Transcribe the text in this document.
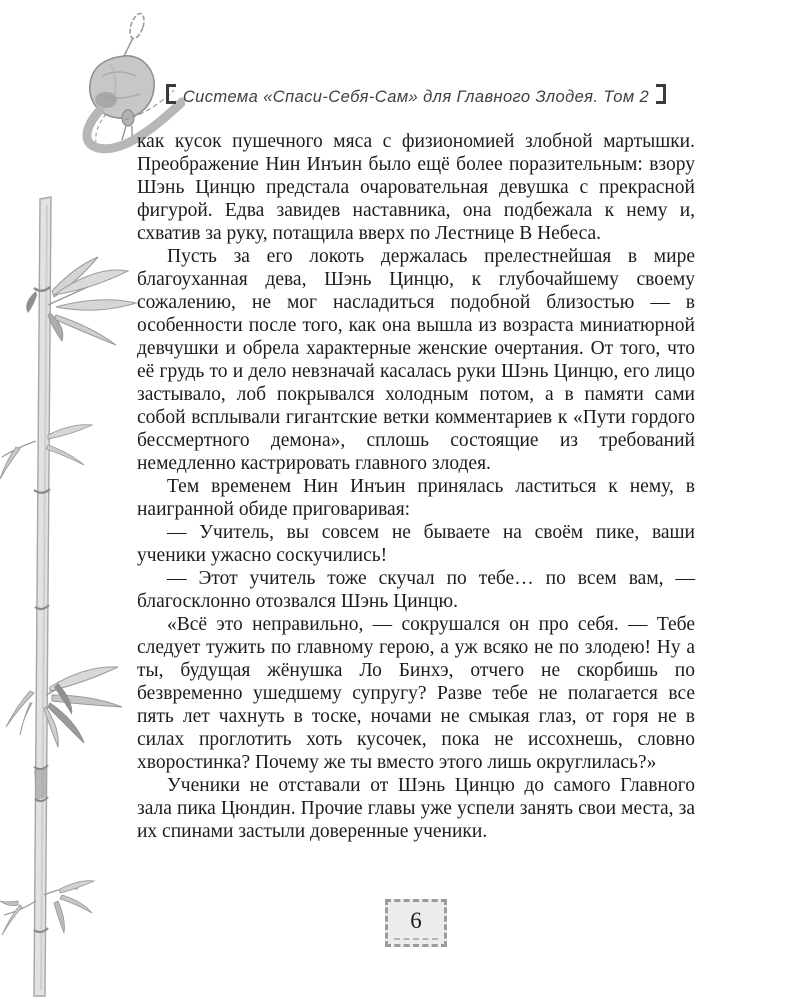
Система «Спаси-Себя-Сам» для Главного Злодея. Том 2

как кусок пушечного мяса с физиономией злобной мартышки. Преображение Нин Инъин было ещё более поразительным: взору Шэнь Цинцю предстала очаровательная девушка с прекрасной фигурой. Едва завидев наставника, она подбежала к нему и, схватив за руку, потащила вверх по Лестнице В Небеса.

Пусть за его локоть держалась прелестнейшая в мире благоуханная дева, Шэнь Цинцю, к глубочайшему своему сожалению, не мог насладиться подобной близостью — в особенности после того, как она вышла из возраста миниатюрной девчушки и обрела характерные женские очертания. От того, что её грудь то и дело невзначай касалась руки Шэнь Цинцю, его лицо застывало, лоб покрывался холодным потом, а в памяти сами собой всплывали гигантские ветки комментариев к «Пути гордого бессмертного демона», сплошь состоящие из требований немедленно кастрировать главного злодея.

Тем временем Нин Инъин принялась ластиться к нему, в наигранной обиде приговаривая:

— Учитель, вы совсем не бываете на своём пике, ваши ученики ужасно соскучились!

— Этот учитель тоже скучал по тебе… по всем вам, — благосклонно отозвался Шэнь Цинцю.

«Всё это неправильно, — сокрушался он про себя. — Тебе следует тужить по главному герою, а уж всяко не по злодею! Ну а ты, будущая жёнушка Ло Бинхэ, отчего не скорбишь по безвременно ушедшему супругу? Разве тебе не полагается все пять лет чахнуть в тоске, ночами не смыкая глаз, от горя не в силах проглотить хоть кусочек, пока не иссохнешь, словно хворостинка? Почему же ты вместо этого лишь округлилась?»

Ученики не отставали от Шэнь Цинцю до самого Главного зала пика Цюндин. Прочие главы уже успели занять свои места, за их спинами застыли доверенные ученики.

6
